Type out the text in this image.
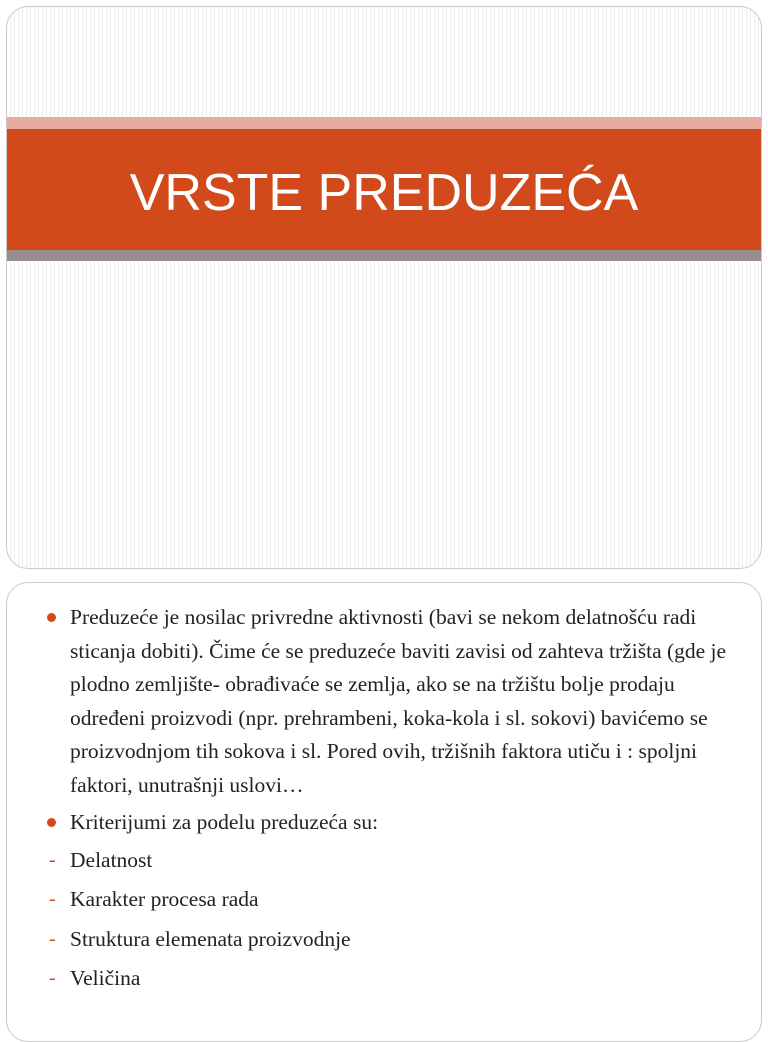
VRSTE PREDUZEĆA
Preduzeće je nosilac privredne aktivnosti (bavi se nekom delatnošću radi sticanja dobiti). Čime će se preduzeće baviti zavisi od zahteva tržišta (gde je plodno zemljište- obrađivaće se zemlja, ako se na tržištu bolje prodaju određeni proizvodi (npr. prehrambeni, koka-kola i sl. sokovi) bavićemo se proizvodnjom tih sokova i sl. Pored ovih, tržišnih faktora utiču i : spoljni faktori, unutrašnji uslovi…
Kriterijumi za podelu preduzeća su:
- Delatnost
- Karakter procesa rada
- Struktura elemenata proizvodnje
- Veličina
